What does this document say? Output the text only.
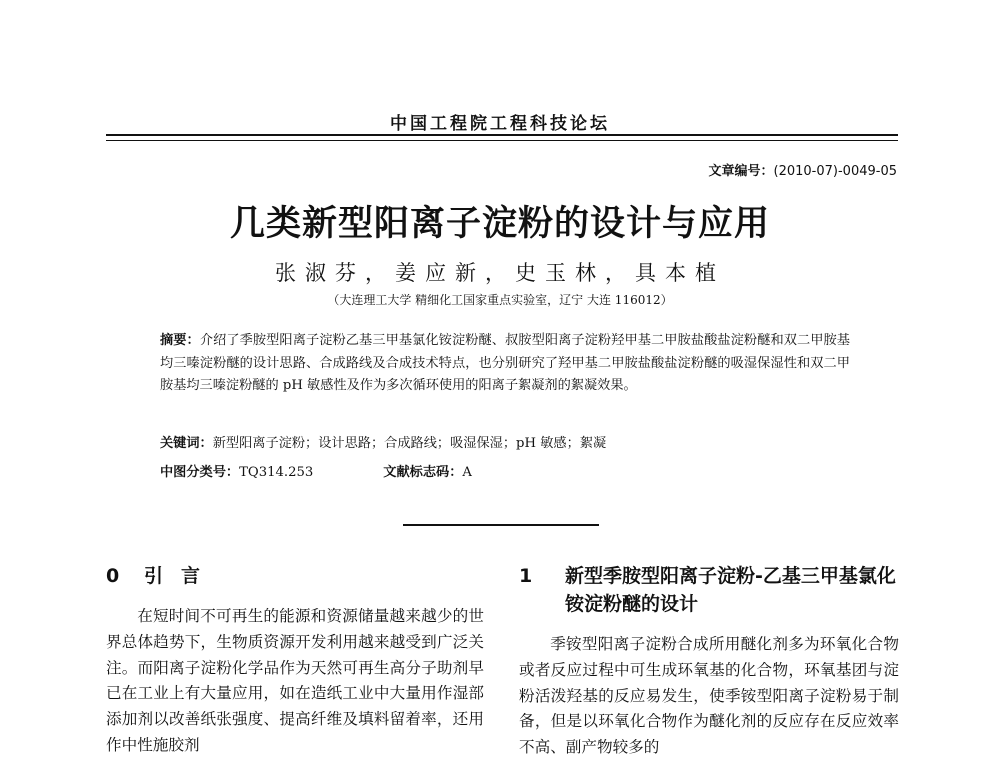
中国工程院工程科技论坛
文章编号：(2010-07)-0049-05
几类新型阳离子淀粉的设计与应用
张淑芬，姜应新，史玉林，具本植
（大连理工大学 精细化工国家重点实验室，辽宁 大连 116012）
摘要：介绍了季胺型阳离子淀粉乙基三甲基氯化铵淀粉醚、叔胺型阳离子淀粉羟甲基二甲胺盐酸盐淀粉醚和双二甲胺基均三嗪淀粉醚的设计思路、合成路线及合成技术特点，也分别研究了羟甲基二甲胺盐酸盐淀粉醚的吸湿保湿性和双二甲胺基均三嗪淀粉醚的 pH 敏感性及作为多次循环使用的阳离子絮凝剂的絮凝效果。
关键词：新型阳离子淀粉；设计思路；合成路线；吸湿保湿；pH 敏感；絮凝
中图分类号：TQ314.253	文献标志码：A
0	引言
在短时间不可再生的能源和资源储量越来越少的世界总体趋势下，生物质资源开发利用越来越受到广泛关注。而阳离子淀粉化学品作为天然可再生高分子助剂早已在工业上有大量应用，如在造纸工业中大量用作湿部添加剂以改善纸张强度、提高纤维及填料留着率，还用作中性施胶剂
1	新型季胺型阳离子淀粉-乙基三甲基氯化铵淀粉醚的设计
季铵型阳离子淀粉合成所用醚化剂多为环氧化合物或者反应过程中可生成环氧基的化合物，环氧基团与淀粉活泼羟基的反应易发生，使季铵型阳离子淀粉易于制备，但是以环氧化合物作为醚化剂的反应存在反应效率不高、副产物较多的
